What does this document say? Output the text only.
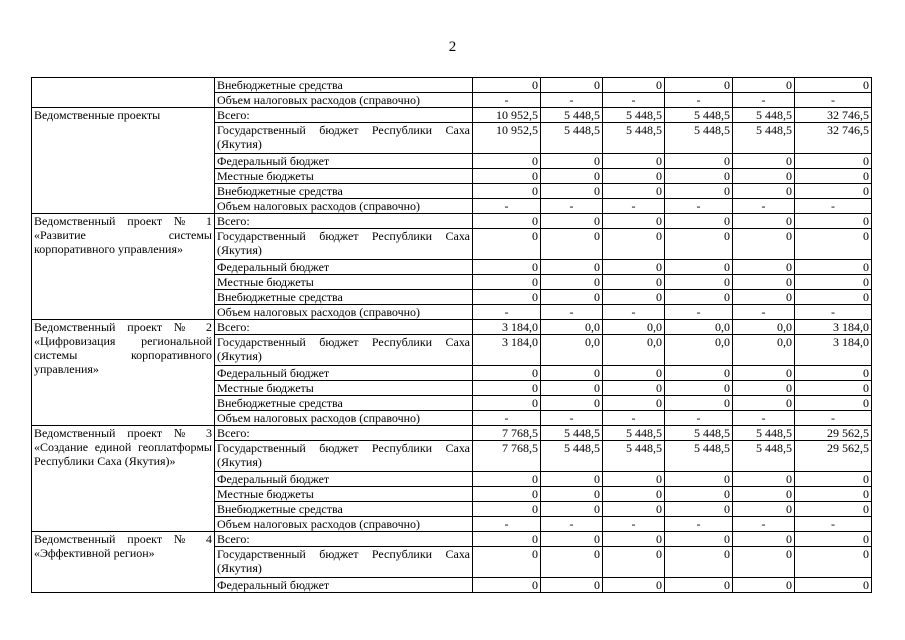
2
	Внебюджетные средства	0	0	0	0	0	0
	Объем налоговых расходов (справочно)	-	-	-	-	-	-
Ведомственные проекты	Всего:	10 952,5	5 448,5	5 448,5	5 448,5	5 448,5	32 746,5
	Государственный бюджет Республики Саха (Якутия)	10 952,5	5 448,5	5 448,5	5 448,5	5 448,5	32 746,5
	Федеральный бюджет	0	0	0	0	0	0
	Местные бюджеты	0	0	0	0	0	0
	Внебюджетные средства	0	0	0	0	0	0
	Объем налоговых расходов (справочно)	-	-	-	-	-	-
Ведомственный проект № 1 «Развитие системы корпоративного управления»	Всего:	0	0	0	0	0	0
	Государственный бюджет Республики Саха (Якутия)	0	0	0	0	0	0
	Федеральный бюджет	0	0	0	0	0	0
	Местные бюджеты	0	0	0	0	0	0
	Внебюджетные средства	0	0	0	0	0	0
	Объем налоговых расходов (справочно)	-	-	-	-	-	-
Ведомственный проект № 2 «Цифровизация региональной системы корпоративного управления»	Всего:	3 184,0	0,0	0,0	0,0	0,0	3 184,0
	Государственный бюджет Республики Саха (Якутия)	3 184,0	0,0	0,0	0,0	0,0	3 184,0
	Федеральный бюджет	0	0	0	0	0	0
	Местные бюджеты	0	0	0	0	0	0
	Внебюджетные средства	0	0	0	0	0	0
	Объем налоговых расходов (справочно)	-	-	-	-	-	-
Ведомственный проект № 3 «Создание единой геоплатформы Республики Саха (Якутия)»	Всего:	7 768,5	5 448,5	5 448,5	5 448,5	5 448,5	29 562,5
	Государственный бюджет Республики Саха (Якутия)	7 768,5	5 448,5	5 448,5	5 448,5	5 448,5	29 562,5
	Федеральный бюджет	0	0	0	0	0	0
	Местные бюджеты	0	0	0	0	0	0
	Внебюджетные средства	0	0	0	0	0	0
	Объем налоговых расходов (справочно)	-	-	-	-	-	-
Ведомственный проект № 4 «Эффективной регион»	Всего:	0	0	0	0	0	0
	Государственный бюджет Республики Саха (Якутия)	0	0	0	0	0	0
	Федеральный бюджет	0	0	0	0	0	0
